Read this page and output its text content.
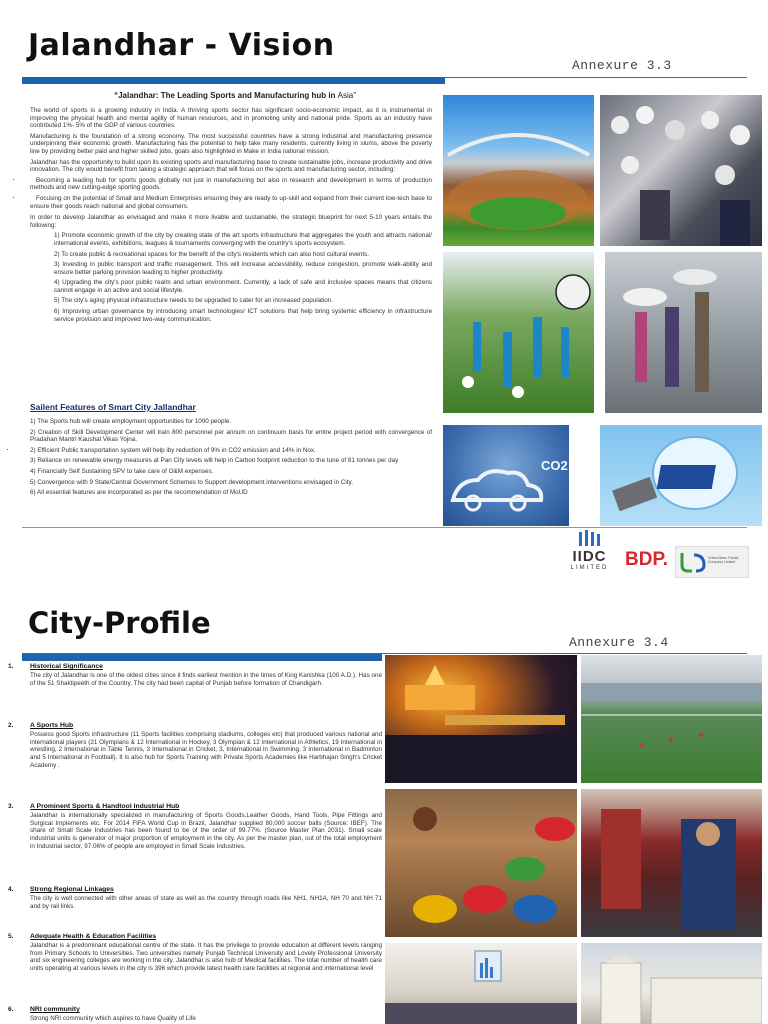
Jalandhar - Vision
Annexure 3.3
“Jalandhar: The Leading Sports and Manufacturing hub in Asia”

The world of sports is a growing industry in India. A thriving sports sector has significant socio-economic impact, as it is instrumental in improving the physical health and mental agility of human resources, and in promoting unity and national pride. Sports as an industry have contributed 1%- 5% of the GDP of various countries.

Manufacturing is the foundation of a strong economy. The most successful countries have a strong industrial and manufacturing presence underpinning their economic growth. Manufacturing has the potential to help take many residents, currently living in slums, above the poverty line by providing better paid and higher skilled jobs, goals also highlighted in Make in India national mission.

Jalandhar has the opportunity to build upon its existing sports and manufacturing base to create sustainable jobs, increase productivity and drive innovation. The city would benefit from taking a strategic approach that will focus on the sports and manufacturing sector, including:

· Becoming a leading hub for sports goods globally not just in manufacturing but also in research and development in terms of production methods and new cutting-edge sporting goods.

· Focusing on the potential of Small and Medium Enterprises ensuring they are ready to up-skill and expand from their current low-tech base to ensure their goods reach national and global consumers.

In order to develop Jalandhar as envisaged and make it more livable and sustainable, the strategic blueprint for next 5-10 years entails the following:

1) Promote economic growth of the city by creating state of the art sports infrastructure that aggregates the youth and attracts national/ international events, exhibitions, leagues & tournaments converging with the country's sports ecosystem.

2) To create public & recreational spaces for the benefit of the city's residents which can also host cultural events.

3) Investing in public transport and traffic management. This will increase accessibility, reduce congestion, promote walk-ability and ensure better parking provision leading to higher productivity.

4) Upgrading the city's poor public realm and urban environment. Currently, a lack of safe and inclusive spaces means that citizens cannot engage in an active and social lifestyle.

5) The city's aging physical infrastructure needs to be upgraded to cater for an increased population.

6) Improving urban governance by introducing smart technologies/ ICT solutions that help bring systemic efficiency in infrastructure service provision and improved two-way communication.

Sailent Features of Smart City Jallandhar

1) The Sports hub will create employment opportunities for 1000 people.

2) Creation of Skill Development Center will train 800 personnel per annum on continuum basis for entire project period with convergence of Pradahan Mantri Kaushal Vikas Yojna.

· 2) Efficient Public transportation system will help iby reduction of 9% in CO2 emission and 14% in Nox.

3) Reliance on renewable energy measures at Pan City levels will help in Carbon footprint reduction to the tune of 81 tonnes per day

4) Financially Self Sustaining SPV to take care of O&M expenses.

5) Convergence with 9 State/Central Government Schemes to Support development interventions envisaged in City.

6) All essential features are incorporated as per the recommendation of MoUD

CO2
IIDC
LIMITED BDP.	Urban Mass Transit Company Limited
City-Profile
Annexure 3.4
1. Historical Significance
The city of Jalandhar is one of the oldest cities since it finds earliest mention in the times of King Kanishka (100 A.D.). Has one of the 51 Shaktipeeth of the Country. The city had been capital of Punjab before formation of Chandigarh.
2. A Sports Hub
Possess good Sports infrastructure (11 Sports facilities comprising stadiums, colleges etc) that produced various national and international players (21 Olympians & 12 International in Hockey, 3 Olympian & 12 International in Athletics, 19 International in wrestling, 2 International in Table Tennis, 3 International in Cricket, 3, International in Swimming, 3 International in Badminton and 5 International in Football). It is also hub for Sports Training with Private Sports Academies like Harbhajan Singh's Cricket Academy .
3. A Prominent Sports & Handtool Industrial Hub
Jalandhar is internationally specialized in manufacturing of Sports Goods,Leather Goods, Hand Tools, Pipe Fittings and Surgical Implements etc. For 2014 FIFA World Cup in Brazil, Jalandhar supplied 80,000 soccer balls (Source: IBEF). The share of Small Scale Industries has been found to be of the order of 99.77%. (Source Master Plan 2031). Small scale industrial units is generator of major proportion of employment in the city. As per the master plan, out of the total employment in Industrial sector, 97.06% of people are employed in Small Scale Industries.
4. Strong Regional Linkages
The city is well connected with other areas of state as well as the country through roads like NH1, NH1A, NH 70 and NH 71 and by rail links.
5. Adequate Health & Education Facilities
Jalandhar is a predominant educational centre of the state. It has the privilege to provide education at different levels ranging from Primary Schools to Universities. Two universities namely Punjab Technical University and Lovely Professional University and six engineering colleges are working in the city. Jalandhar is also hub of Medical facilities. The total number of health care units operating at various levels in the city is 396 which provide latest health care facilities at regional and international level
6. NRI community
Strong NRI community which aspires to have Quality of Life
